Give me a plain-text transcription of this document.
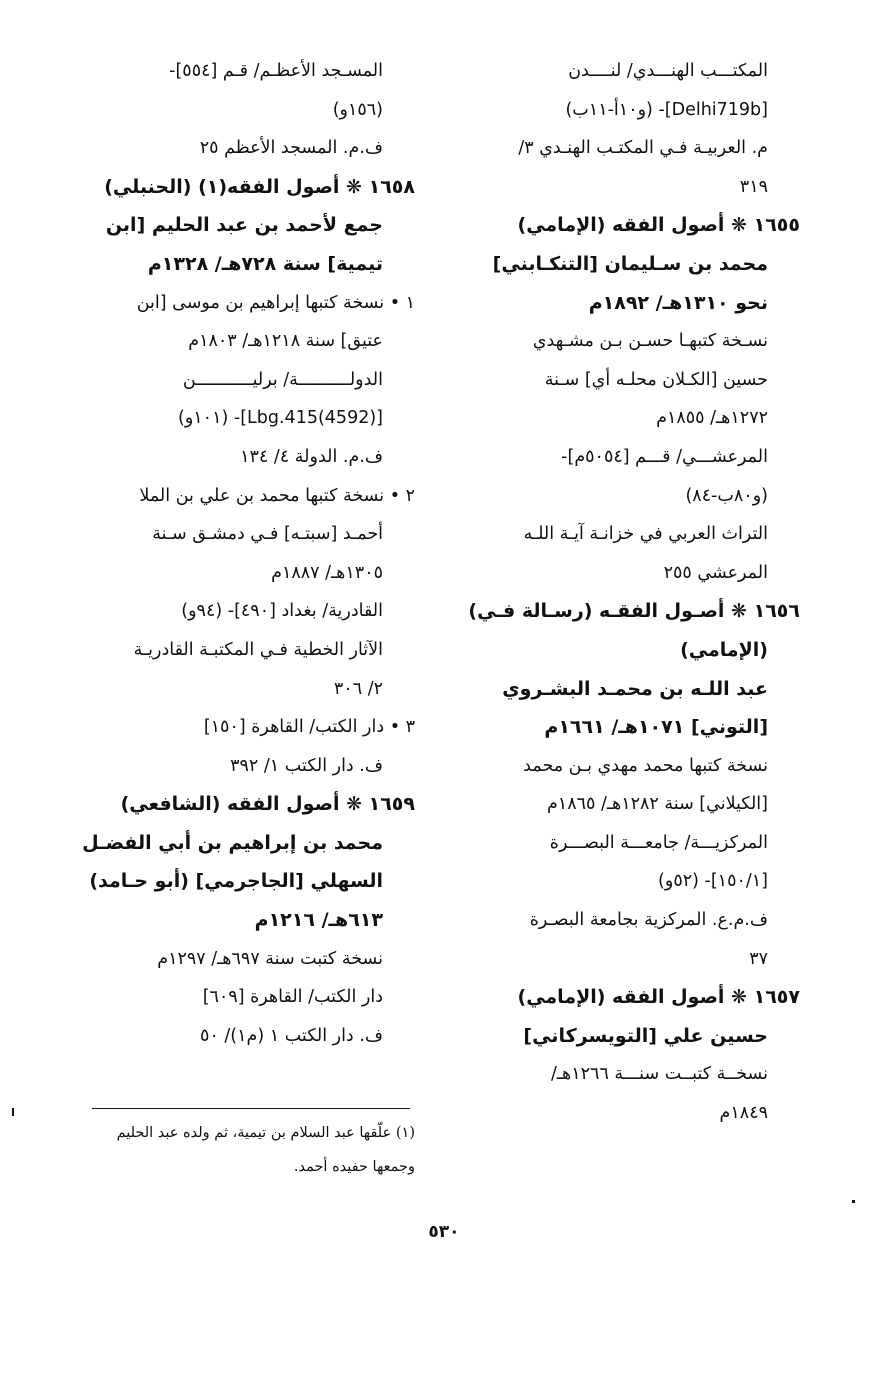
المكتـــب الهنـــدي/ لنــــدن
[Delhi719b]- (و١٠أ-١١ب)
م. العربيـة فـي المكتـب الهنـدي ٣/
٣١٩
١٦٥٥ ❋ أصول الفقه (الإمامي)
محمد بن سـليمان [التنكـابني]
نحو ١٣١٠هـ/ ١٨٩٢م
نسـخة كتبهـا حسـن بـن مشـهدي
حسين [الكـلان محلـه أي] سـنة
١٢٧٢هـ/ ١٨٥٥م
المرعشـــي/ قـــم [٥٠٥٤م]-
(و٨٠ب-٨٤)
التراث العربي في خزانـة آيـة اللـه
المرعشي ٢٥٥
١٦٥٦ ❋ أصـول الفقـه (رسـالة فـي)
(الإمامي)
عبد اللـه بن محمـد البشـروي
[التوني] ١٠٧١هـ/ ١٦٦١م
نسخة كتبها محمد مهدي بـن محمد
[الكيلاني] سنة ١٢٨٢هـ/ ١٨٦٥م
المركزيـــة/ جامعـــة البصـــرة
[١٥٠/١]- (٥٢و)
ف.م.ع. المركزية بجامعة البصـرة
٣٧
١٦٥٧ ❋ أصول الفقه (الإمامي)
حسين علي [التويسركاني]
نسخــة كتبــت سنـــة ١٢٦٦هـ/
١٨٤٩م
المسـجد الأعظـم/ قـم [٥٥٤]-
(١٥٦و)
ف.م. المسجد الأعظم ٢٥
١٦٥٨ ❋ أصول الفقه(١) (الحنبلي)
جمع لأحمد بن عبد الحليم [ابن
تيمية] سنة ٧٢٨هـ/ ١٣٢٨م
١ • نسخة كتبها إبراهيم بن موسى [ابن
عتيق] سنة ١٢١٨هـ/ ١٨٠٣م
الدولــــــــــة/ برليـــــــــــن
[(4592)Lbg.415]- (١٠١و)
ف.م. الدولة ٤/ ١٣٤
٢ • نسخة كتبها محمد بن علي بن الملا
أحمـد [سبتـه] فـي دمشـق سـنة
١٣٠٥هـ/ ١٨٨٧م
القادرية/ بغداد [٤٩٠]- (٩٤و)
الآثار الخطية فـي المكتبـة القادريـة
٢/ ٣٠٦
٣ • دار الكتب/ القاهرة [١٥٠]
ف. دار الكتب ١/ ٣٩٢
١٦٥٩ ❋ أصول الفقه (الشافعي)
محمد بن إبراهيم بن أبي الفضـل
السهلي [الجاجرمي] (أبو حـامد)
٦١٣هـ/ ١٢١٦م
نسخة كتبت سنة ٦٩٧هـ/ ١٢٩٧م
دار الكتب/ القاهرة [٦٠٩]
ف. دار الكتب ١ (م١)/ ٥٠
(١) علّقها عبد السلام بن تيمية، ثم ولده عبد الحليم
وجمعها حفيده أحمد.
٥٣٠
